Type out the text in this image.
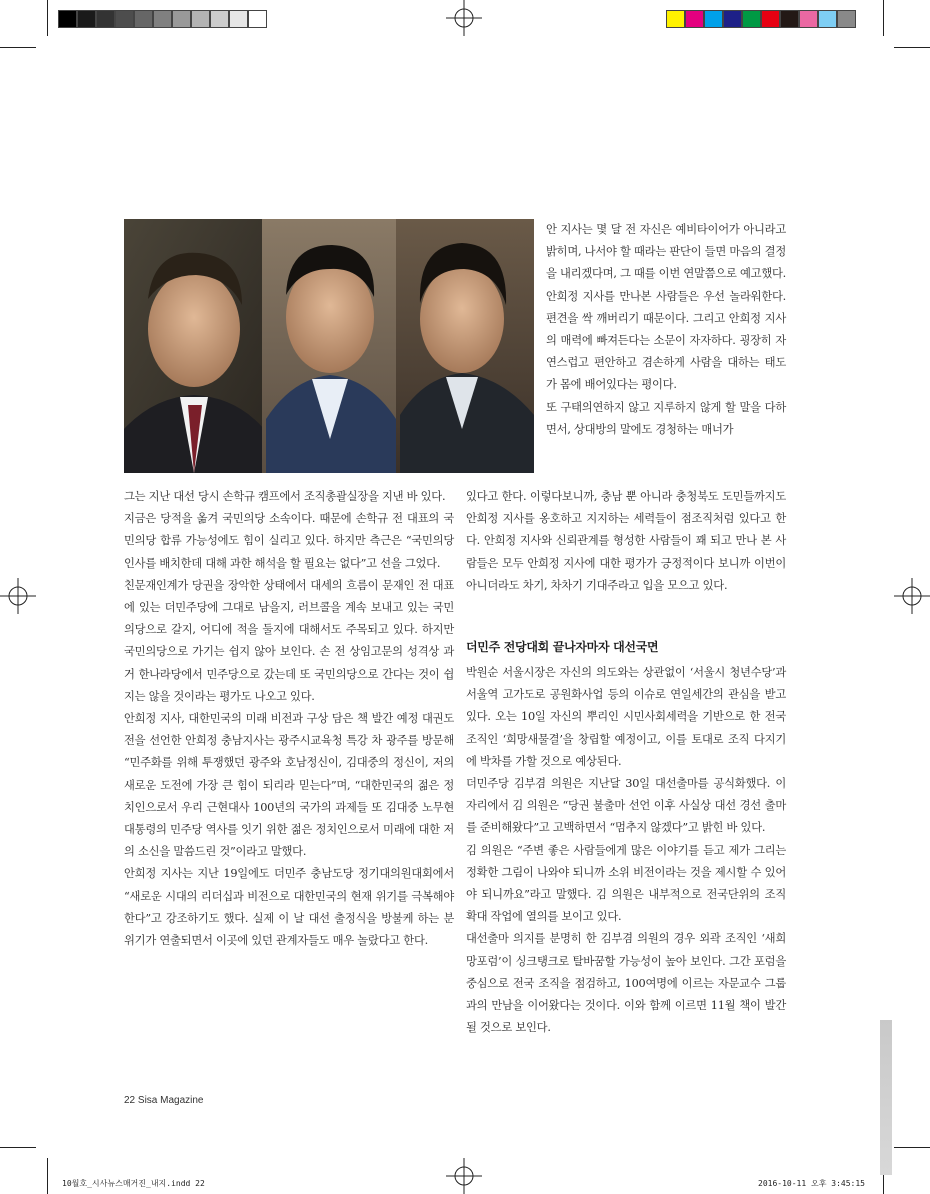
안 지사는 몇 달 전 자신은 예비타이어가 아니라고 밝히며, 나서야 할 때라는 판단이 들면 마음의 결정을 내리겠다며, 그 때를 이번 연말쯤으로 예고했다.

안희정 지사를 만나본 사람들은 우선 놀라워한다. 편견을 싹 깨버리기 때문이다. 그리고 안희정 지사의 매력에 빠져든다는 소문이 자자하다. 굉장히 자연스럽고 편안하고 겸손하게 사람을 대하는 태도가 몸에 배어있다는 평이다.

또 구태의연하지 않고 지루하지 않게 할 말을 다하면서, 상대방의 말에도 경청하는 매너가

그는 지난 대선 당시 손학규 캠프에서 조직총괄실장을 지낸 바 있다.

지금은 당적을 옮겨 국민의당 소속이다. 때문에 손학규 전 대표의 국민의당 합류 가능성에도 힘이 실리고 있다. 하지만 측근은 “국민의당 인사를 배치한데 대해 과한 해석을 할 필요는 없다”고 선을 그었다.

친문재인계가 당권을 장악한 상태에서 대세의 흐름이 문재인 전 대표에 있는 더민주당에 그대로 남을지, 러브콜을 계속 보내고 있는 국민의당으로 갈지, 어디에 적을 둘지에 대해서도 주목되고 있다. 하지만 국민의당으로 가기는 쉽지 않아 보인다. 손 전 상임고문의 성격상 과거 한나라당에서 민주당으로 갔는데 또 국민의당으로 간다는 것이 쉽지는 않을 것이라는 평가도 나오고 있다.

안희정 지사, 대한민국의 미래 비전과 구상 담은 책 발간 예정 대권도전을 선언한 안희정 충남지사는 광주시교육청 특강 차 광주를 방문해 “민주화를 위해 투쟁했던 광주와 호남정신이, 김대중의 정신이, 저의 새로운 도전에 가장 큰 힘이 되리라 믿는다”며, “대한민국의 젊은 정치인으로서 우리 근현대사 100년의 국가의 과제들 또 김대중 노무현 대통령의 민주당 역사를 잇기 위한 젊은 정치인으로서 미래에 대한 저의 소신을 말씀드린 것”이라고 말했다.

안희정 지사는 지난 19일에도 더민주 충남도당 정기대의원대회에서 “새로운 시대의 리더십과 비전으로 대한민국의 현재 위기를 극복해야 한다”고 강조하기도 했다. 실제 이 날 대선 출정식을 방불케 하는 분위기가 연출되면서 이곳에 있던 관계자들도 매우 놀랐다고 한다.

있다고 한다. 이렇다보니까, 충남 뿐 아니라 충청북도 도민들까지도 안희정 지사를 옹호하고 지지하는 세력들이 점조직처럼 있다고 한다. 안희정 지사와 신뢰관계를 형성한 사람들이 꽤 되고 만나 본 사람들은 모두 안희정 지사에 대한 평가가 긍정적이다 보니까 이번이 아니더라도 차기, 차차기 기대주라고 입을 모으고 있다.

더민주 전당대회 끝나자마자 대선국면

박원순 서울시장은 자신의 의도와는 상관없이 ‘서울시 청년수당’과 서울역 고가도로 공원화사업 등의 이슈로 연일세간의 관심을 받고 있다. 오는 10일 자신의 뿌리인 시민사회세력을 기반으로 한 전국조직인 ‘희망새물결’을 창립할 예정이고, 이를 토대로 조직 다지기에 박차를 가할 것으로 예상된다.

더민주당 김부겸 의원은 지난달 30일 대선출마를 공식화했다. 이 자리에서 김 의원은 “당권 불출마 선언 이후 사실상 대선 경선 출마를 준비해왔다”고 고백하면서 “멈추지 않겠다”고 밝힌 바 있다.

김 의원은 “주변 좋은 사람들에게 많은 이야기를 듣고 제가 그리는 정확한 그림이 나와야 되니까 소위 비전이라는 것을 제시할 수 있어야 되니까요”라고 말했다. 김 의원은 내부적으로 전국단위의 조직 확대 작업에 열의를 보이고 있다.

대선출마 의지를 분명히 한 김부겸 의원의 경우 외곽 조직인 ‘새희망포럼’이 싱크탱크로 탈바꿈할 가능성이 높아 보인다. 그간 포럼을 중심으로 전국 조직을 점검하고, 100여명에 이르는 자문교수 그룹과의 만남을 이어왔다는 것이다. 이와 함께 이르면 11월 책이 발간될 것으로 보인다.

22 Sisa Magazine
10월호_시사뉴스매거진_내지.indd 22	2016-10-11 오후 3:45:15
